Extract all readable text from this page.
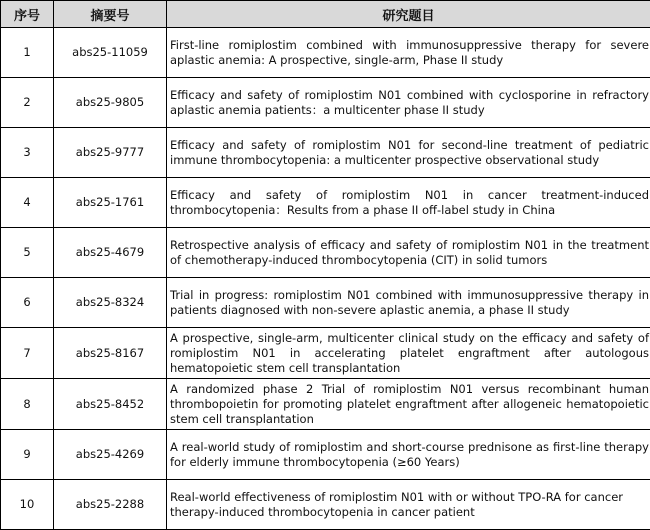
序号	摘要号	研究题目
1	abs25-11059	First-line romiplostim combined with immunosuppressive therapy for severe aplastic anemia: A prospective, single-arm, Phase II study
2	abs25-9805	Efficacy and safety of romiplostim N01 combined with cyclosporine in refractory aplastic anemia patients：a multicenter phase II study
3	abs25-9777	Efficacy and safety of romiplostim N01 for second-line treatment of pediatric immune thrombocytopenia: a multicenter prospective observational study
4	abs25-1761	Efficacy and safety of romiplostim N01 in cancer treatment-induced thrombocytopenia：Results from a phase II off-label study in China
5	abs25-4679	Retrospective analysis of efficacy and safety of romiplostim N01 in the treatment of chemotherapy-induced thrombocytopenia (CIT) in solid tumors
6	abs25-8324	Trial in progress: romiplostim N01 combined with immunosuppressive therapy in patients diagnosed with non-severe aplastic anemia, a phase II study
7	abs25-8167	A prospective, single-arm, multicenter clinical study on the efficacy and safety of romiplostim N01 in accelerating platelet engraftment after autologous hematopoietic stem cell transplantation
8	abs25-8452	A randomized phase 2 Trial of romiplostim N01 versus recombinant human thrombopoietin for promoting platelet engraftment after allogeneic hematopoietic stem cell transplantation
9	abs25-4269	A real-world study of romiplostim and short-course prednisone as first-line therapy for elderly immune thrombocytopenia (≥60 Years)
10	abs25-2288	Real-world effectiveness of romiplostim N01 with or without TPO-RA for cancer
therapy-induced thrombocytopenia in cancer patient
